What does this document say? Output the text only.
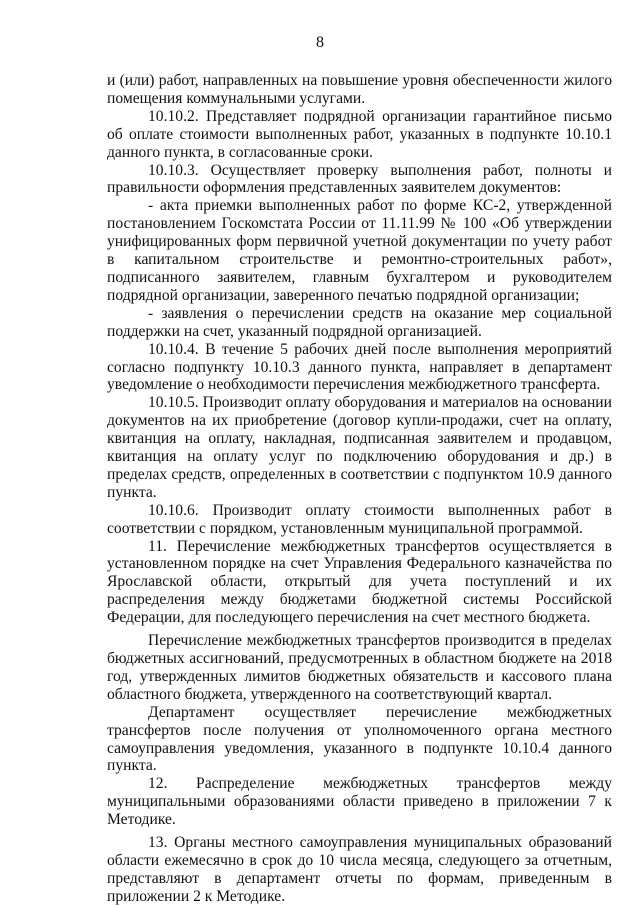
8

и (или) работ, направленных на повышение уровня обеспеченности жилого помещения коммунальными услугами.

10.10.2. Представляет подрядной организации гарантийное письмо об оплате стоимости выполненных работ, указанных в подпункте 10.10.1 данного пункта, в согласованные сроки.

10.10.3. Осуществляет проверку выполнения работ, полноты и правильности оформления представленных заявителем документов:

- акта приемки выполненных работ по форме КС-2, утвержденной постановлением Госкомстата России от 11.11.99 № 100 «Об утверждении унифицированных форм первичной учетной документации по учету работ в капитальном строительстве и ремонтно-строительных работ», подписанного заявителем, главным бухгалтером и руководителем подрядной организации, заверенного печатью подрядной организации;

- заявления о перечислении средств на оказание мер социальной поддержки на счет, указанный подрядной организацией.

10.10.4. В течение 5 рабочих дней после выполнения мероприятий согласно подпункту 10.10.3 данного пункта, направляет в департамент уведомление о необходимости перечисления межбюджетного трансферта.

10.10.5. Производит оплату оборудования и материалов на основании документов на их приобретение (договор купли-продажи, счет на оплату, квитанция на оплату, накладная, подписанная заявителем и продавцом, квитанция на оплату услуг по подключению оборудования и др.) в пределах средств, определенных в соответствии с подпунктом 10.9 данного пункта.

10.10.6. Производит оплату стоимости выполненных работ в соответствии с порядком, установленным муниципальной программой.

11. Перечисление межбюджетных трансфертов осуществляется в установленном порядке на счет Управления Федерального казначейства по Ярославской области, открытый для учета поступлений и их распределения между бюджетами бюджетной системы Российской Федерации, для последующего перечисления на счет местного бюджета.

Перечисление межбюджетных трансфертов производится в пределах бюджетных ассигнований, предусмотренных в областном бюджете на 2018 год, утвержденных лимитов бюджетных обязательств и кассового плана областного бюджета, утвержденного на соответствующий квартал.

Департамент осуществляет перечисление межбюджетных трансфертов после получения от уполномоченного органа местного самоуправления уведомления, указанного в подпункте 10.10.4 данного пункта.

12. Распределение межбюджетных трансфертов между муниципальными образованиями области приведено в приложении 7 к Методике.

13. Органы местного самоуправления муниципальных образований области ежемесячно в срок до 10 числа месяца, следующего за отчетным, представляют в департамент отчеты по формам, приведенным в приложении 2 к Методике.
